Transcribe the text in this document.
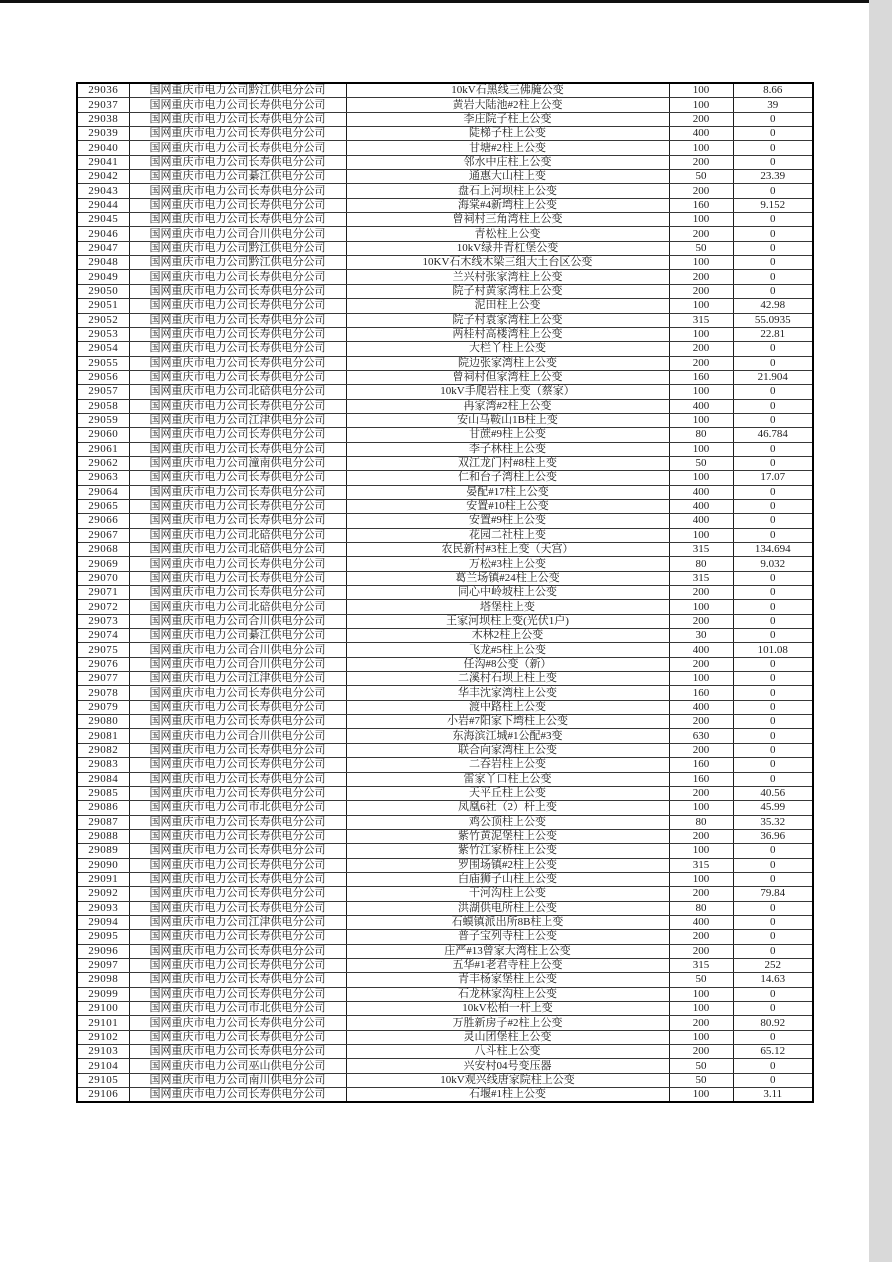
29036	国网重庆市电力公司黔江供电分公司	10kV石黑线三佛腌公变	100	8.66
29037	国网重庆市电力公司长寿供电分公司	黄岩大陆池#2柱上公变	100	39
29038	国网重庆市电力公司长寿供电分公司	李庄院子柱上公变	200	0
29039	国网重庆市电力公司长寿供电分公司	陡梯子柱上公变	400	0
29040	国网重庆市电力公司长寿供电分公司	甘塘#2柱上公变	100	0
29041	国网重庆市电力公司长寿供电分公司	邻水中庄柱上公变	200	0
29042	国网重庆市电力公司綦江供电分公司	通惠大山柱上变	50	23.39
29043	国网重庆市电力公司长寿供电分公司	盘石上河坝柱上公变	200	0
29044	国网重庆市电力公司长寿供电分公司	海棠#4新塆柱上公变	160	9.152
29045	国网重庆市电力公司长寿供电分公司	曾祠村三角湾柱上公变	100	0
29046	国网重庆市电力公司合川供电分公司	青松柱上公变	200	0
29047	国网重庆市电力公司黔江供电分公司	10kV绿井青杠堡公变	50	0
29048	国网重庆市电力公司黔江供电分公司	10KV石木线木梁三组大土台区公变	100	0
29049	国网重庆市电力公司长寿供电分公司	兰兴村张家湾柱上公变	200	0
29050	国网重庆市电力公司长寿供电分公司	院子村黄家湾柱上公变	200	0
29051	国网重庆市电力公司长寿供电分公司	泥田柱上公变	100	42.98
29052	国网重庆市电力公司长寿供电分公司	院子村袁家湾柱上公变	315	55.0935
29053	国网重庆市电力公司长寿供电分公司	两桂村高楼湾柱上公变	100	22.81
29054	国网重庆市电力公司长寿供电分公司	大栏丫柱上公变	200	0
29055	国网重庆市电力公司长寿供电分公司	院边张家湾柱上公变	200	0
29056	国网重庆市电力公司长寿供电分公司	曾祠村但家湾柱上公变	160	21.904
29057	国网重庆市电力公司北碚供电分公司	10kV手爬岩柱上变（蔡家）	100	0
29058	国网重庆市电力公司长寿供电分公司	冉家湾#2柱上公变	400	0
29059	国网重庆市电力公司江津供电分公司	安山马鞍山1B柱上变	100	0
29060	国网重庆市电力公司长寿供电分公司	甘蔗#9柱上公变	80	46.784
29061	国网重庆市电力公司长寿供电分公司	李子林柱上公变	100	0
29062	国网重庆市电力公司潼南供电分公司	双江龙门村#8柱上变	50	0
29063	国网重庆市电力公司长寿供电分公司	仁和台子湾柱上公变	100	17.07
29064	国网重庆市电力公司长寿供电分公司	晏配#17柱上公变	400	0
29065	国网重庆市电力公司长寿供电分公司	安置#10柱上公变	400	0
29066	国网重庆市电力公司长寿供电分公司	安置#9柱上公变	400	0
29067	国网重庆市电力公司北碚供电分公司	花园二社柱上变	100	0
29068	国网重庆市电力公司北碚供电分公司	农民新村#3柱上变（天宫）	315	134.694
29069	国网重庆市电力公司长寿供电分公司	万松#3柱上公变	80	9.032
29070	国网重庆市电力公司长寿供电分公司	葛兰场镇#24柱上公变	315	0
29071	国网重庆市电力公司长寿供电分公司	同心中岭坡柱上公变	200	0
29072	国网重庆市电力公司北碚供电分公司	塔堡柱上变	100	0
29073	国网重庆市电力公司合川供电分公司	王家河坝柱上变(光伏1户)	200	0
29074	国网重庆市电力公司綦江供电分公司	木林2柱上公变	30	0
29075	国网重庆市电力公司合川供电分公司	飞龙#5柱上公变	400	101.08
29076	国网重庆市电力公司合川供电分公司	任沟#8公变（新）	200	0
29077	国网重庆市电力公司江津供电分公司	二溪村石坝上柱上变	100	0
29078	国网重庆市电力公司长寿供电分公司	华丰沈家湾柱上公变	160	0
29079	国网重庆市电力公司长寿供电分公司	渡中路柱上公变	400	0
29080	国网重庆市电力公司长寿供电分公司	小岩#7阳家下塆柱上公变	200	0
29081	国网重庆市电力公司合川供电分公司	东海滨江城#1公配#3变	630	0
29082	国网重庆市电力公司长寿供电分公司	联合向家湾柱上公变	200	0
29083	国网重庆市电力公司长寿供电分公司	二吞岩柱上公变	160	0
29084	国网重庆市电力公司长寿供电分公司	雷家丫口柱上公变	160	0
29085	国网重庆市电力公司长寿供电分公司	天平丘柱上公变	200	40.56
29086	国网重庆市电力公司市北供电分公司	凤凰6社（2）杆上变	100	45.99
29087	国网重庆市电力公司长寿供电分公司	鸡公顶柱上公变	80	35.32
29088	国网重庆市电力公司长寿供电分公司	紫竹黄泥堡柱上公变	200	36.96
29089	国网重庆市电力公司长寿供电分公司	紫竹江家桥柱上公变	100	0
29090	国网重庆市电力公司长寿供电分公司	罗围场镇#2柱上公变	315	0
29091	国网重庆市电力公司长寿供电分公司	白庙狮子山柱上公变	100	0
29092	国网重庆市电力公司长寿供电分公司	干河沟柱上公变	200	79.84
29093	国网重庆市电力公司长寿供电分公司	洪湖供电所柱上公变	80	0
29094	国网重庆市电力公司江津供电分公司	石蟆镇派出所8B柱上变	400	0
29095	国网重庆市电力公司长寿供电分公司	普子宝列寺柱上公变	200	0
29096	国网重庆市电力公司长寿供电分公司	庄严#13曾家大湾柱上公变	200	0
29097	国网重庆市电力公司长寿供电分公司	五华#1老君寺柱上公变	315	252
29098	国网重庆市电力公司长寿供电分公司	青丰杨家堡柱上公变	50	14.63
29099	国网重庆市电力公司长寿供电分公司	石龙林家沟柱上公变	100	0
29100	国网重庆市电力公司市北供电分公司	10kV松柏一杆上变	100	0
29101	国网重庆市电力公司长寿供电分公司	万胜新房子#2柱上公变	200	80.92
29102	国网重庆市电力公司长寿供电分公司	灵山团堡柱上公变	100	0
29103	国网重庆市电力公司长寿供电分公司	八斗柱上公变	200	65.12
29104	国网重庆市电力公司巫山供电分公司	兴安村04号变压器	50	0
29105	国网重庆市电力公司南川供电分公司	10kV观兴线唐家院柱上公变	50	0
29106	国网重庆市电力公司长寿供电分公司	石堰#1柱上公变	100	3.11
